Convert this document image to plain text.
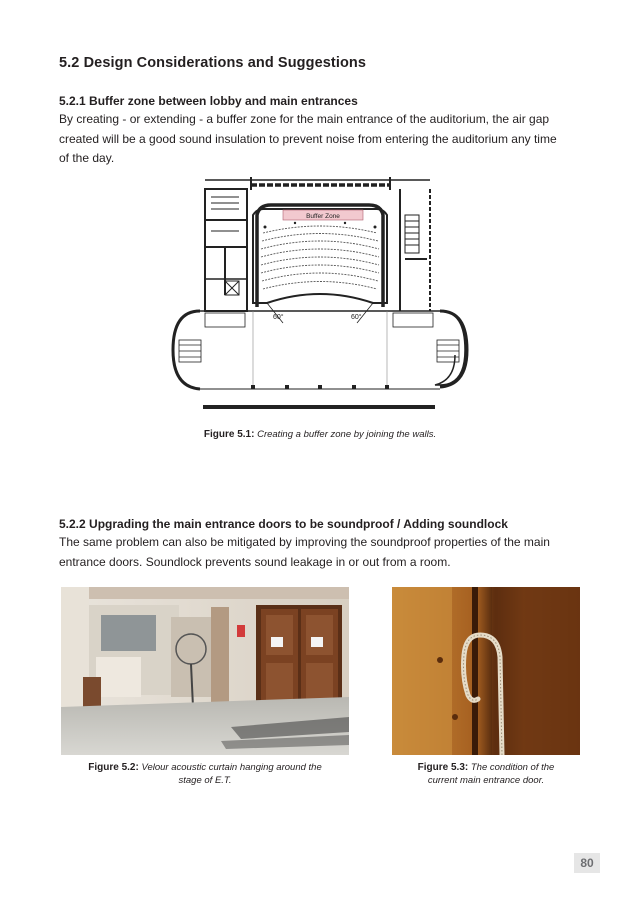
5.2 Design Considerations and Suggestions
5.2.1 Buffer zone between lobby and main entrances
By creating - or extending - a buffer zone for the main entrance of the auditorium, the air gap
created will be a good sound insulation to prevent noise from entering the auditorium any time
of the day.
Buffer Zone
60°	60°
Figure 5.1: Creating a buffer zone by joining the walls.
5.2.2 Upgrading the main entrance doors to be soundproof / Adding soundlock
The same problem can also be mitigated by improving the soundproof properties of the main
entrance doors. Soundlock prevents sound leakage in or out from a room.
Figure 5.2: Velour acoustic curtain hanging around the
stage of E.T.
Figure 5.3: The condition of the
current main entrance door.
80
